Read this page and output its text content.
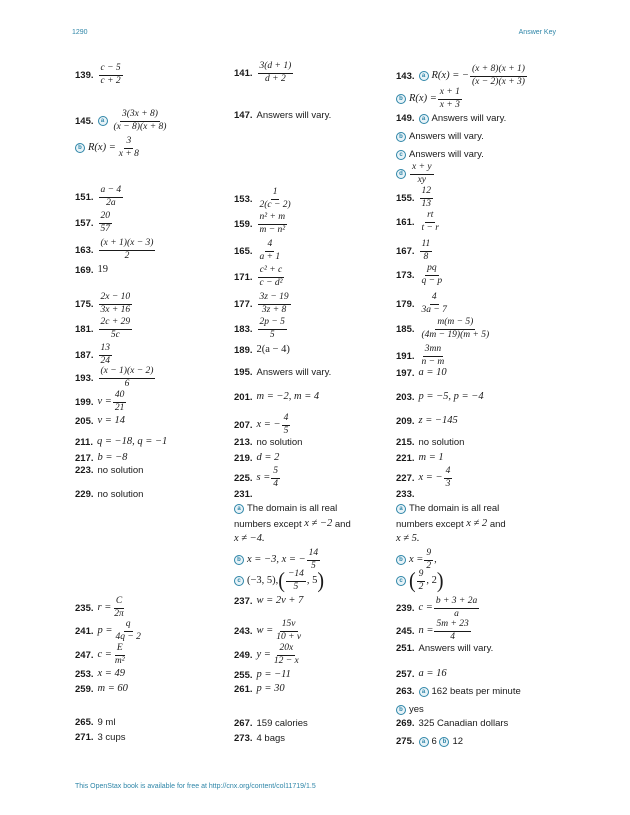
1290	Answer Key
139. $\frac{c - 5}{c + 2}$
145.	a $\frac{3(3x + 8)}{(x - 8)(x + 8)}$
b $R(x) = \frac{3}{x + 8}$
151. $\frac{a - 4}{2a}$
157. $\frac{20}{57}$
163. $\frac{(x + 1)(x - 3)}{2}$
169. 19
175. $\frac{2x - 10}{3x + 16}$
181. $\frac{2c + 29}{5c}$
187. $\frac{13}{24}$
193. $\frac{(x - 1)(x - 2)}{6}$
199. $v = \frac{40}{21}$
205. v = 14
211. q = −18, q = −1
217. b = −8
223. no solution
229. no solution
235. $r = \frac{C}{2\pi}$
241. $p = \frac{q}{4q - 2}$
247. $c = \frac{E}{\text{m²}}$
253. x = 49
259. m = 60
265. 9 ml
271. 3 cups
141. $\frac{3(d + 1)}{d + 2}$
147. Answers will vary.
153. $\frac{1}{2(c - 2)}$
159. $\frac{\text{n² + m}}{\text{m − n²}}$
165. $\frac{4}{a + 1}$
171. $\frac{\text{c² + c}}{\text{c − d²}}$
177. $\frac{3z - 19}{3z + 8}$
183. $\frac{2p - 5}{5}$
189. 2(a − 4)
195. Answers will vary.
201. m = −2, m = 4
207. x = − $\frac{4}{5}$
213. no solution
219. d = 2
225. $s = \frac{5}{4}$
231.
a The domain is all real
numbers except
x ≠ −2
and
x ≠ −4.
b x = −3, x = − $\frac{14}{5}$
c (−3, 5), ( $\frac{-14}{5}$ , 5 )
237. w = 2v + 7
243. $w = \frac{15v}{10 + v}$
249. $y = \frac{20x}{12 - x}$
255. p = −11
261. p = 30
267. 159 calories
273. 4 bags
143.	a R(x) = − $\frac{(x + 8)(x + 1)}{(x - 2)(x + 3)}$
b $R(x) = \frac{x + 1}{x + 3}$
149.	a Answers will vary.
b Answers will vary.
c Answers will vary.
d $\frac{x + y}{xy}$
155. $\frac{12}{13}$
161. $\frac{rt}{t - r}$
167. $\frac{11}{8}$
173. $\frac{pq}{q - p}$
179. $\frac{4}{3a - 7}$
185. $\frac{m(m - 5)}{(4m - 19)(m + 5)}$
191. $\frac{3mn}{n - m}$
197. a = 10
203. p = −5, p = −4
209. z = −145
215. no solution
221. m = 1
227. x = − $\frac{4}{3}$
233.
a The domain is all real
numbers except
x ≠ 2
and
x ≠ 5.
b $x = \frac{9}{2}$ ,
c ( $\frac{9}{2}$ , 2 )
239. $c = \frac{b + 3 + 2a}{a}$
245. $n = \frac{5m + 23}{4}$
251. Answers will vary.
257. a = 16
263.	a 162 beats per minute
b yes
269. 325 Canadian dollars
275.	a 6
b 12
This OpenStax book is available for free at http://cnx.org/content/col11719/1.5
